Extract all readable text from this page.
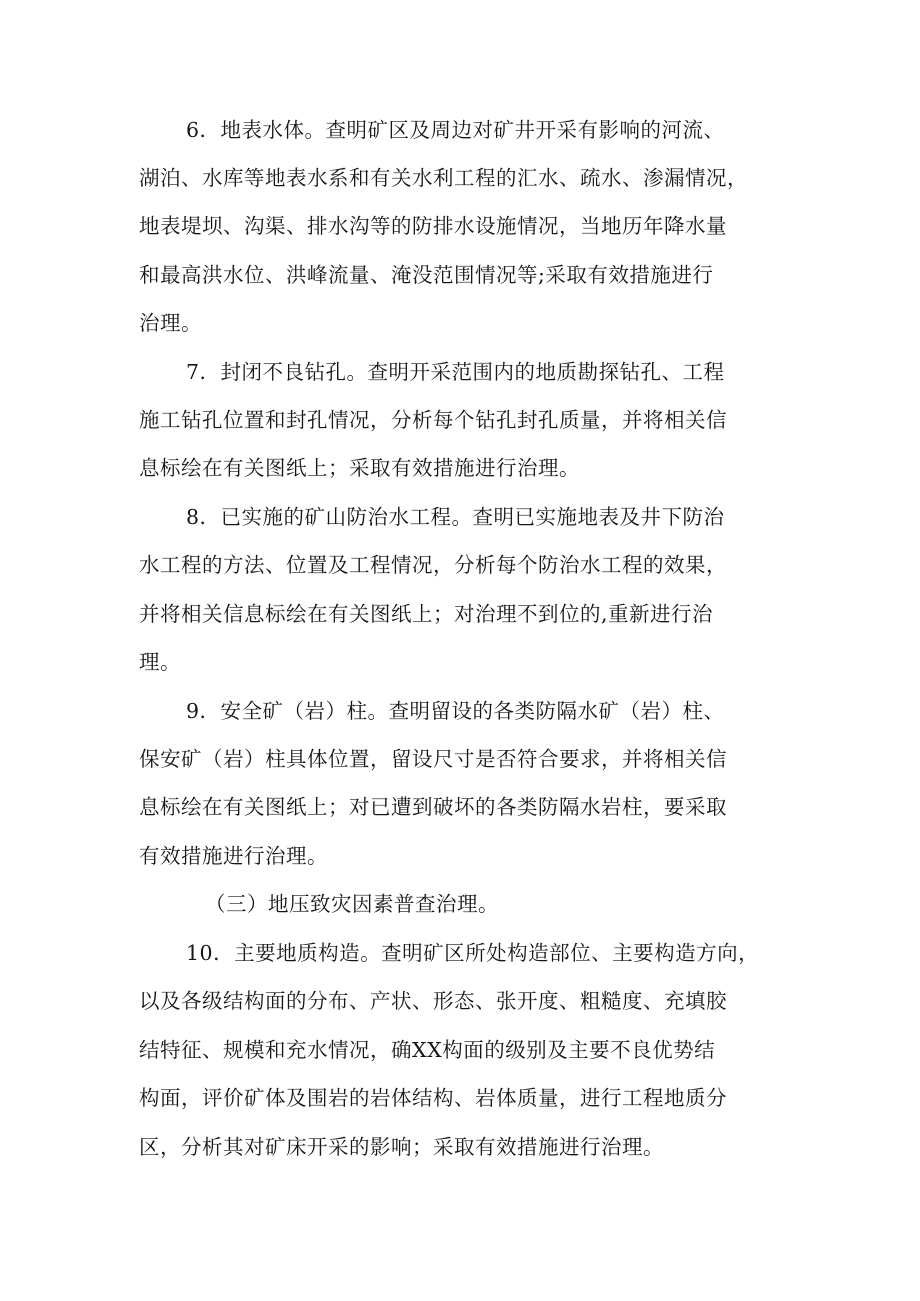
6．地表水体。查明矿区及周边对矿井开采有影响的河流、
湖泊、水库等地表水系和有关水利工程的汇水、疏水、渗漏情况，
地表堤坝、沟渠、排水沟等的防排水设施情况，当地历年降水量
和最高洪水位、洪峰流量、淹没范围情况等;采取有效措施进行
治理。
7．封闭不良钻孔。查明开采范围内的地质勘探钻孔、工程
施工钻孔位置和封孔情况，分析每个钻孔封孔质量，并将相关信
息标绘在有关图纸上；采取有效措施进行治理。
8．已实施的矿山防治水工程。查明已实施地表及井下防治
水工程的方法、位置及工程情况，分析每个防治水工程的效果，
并将相关信息标绘在有关图纸上；对治理不到位的,重新进行治
理。
9．安全矿（岩）柱。查明留设的各类防隔水矿（岩）柱、
保安矿（岩）柱具体位置，留设尺寸是否符合要求，并将相关信
息标绘在有关图纸上；对已遭到破坏的各类防隔水岩柱，要采取
有效措施进行治理。
（三）地压致灾因素普查治理。
10．主要地质构造。查明矿区所处构造部位、主要构造方向，
以及各级结构面的分布、产状、形态、张开度、粗糙度、充填胶
结特征、规模和充水情况，确XX构面的级别及主要不良优势结
构面，评价矿体及围岩的岩体结构、岩体质量，进行工程地质分
区，分析其对矿床开采的影响；采取有效措施进行治理。
